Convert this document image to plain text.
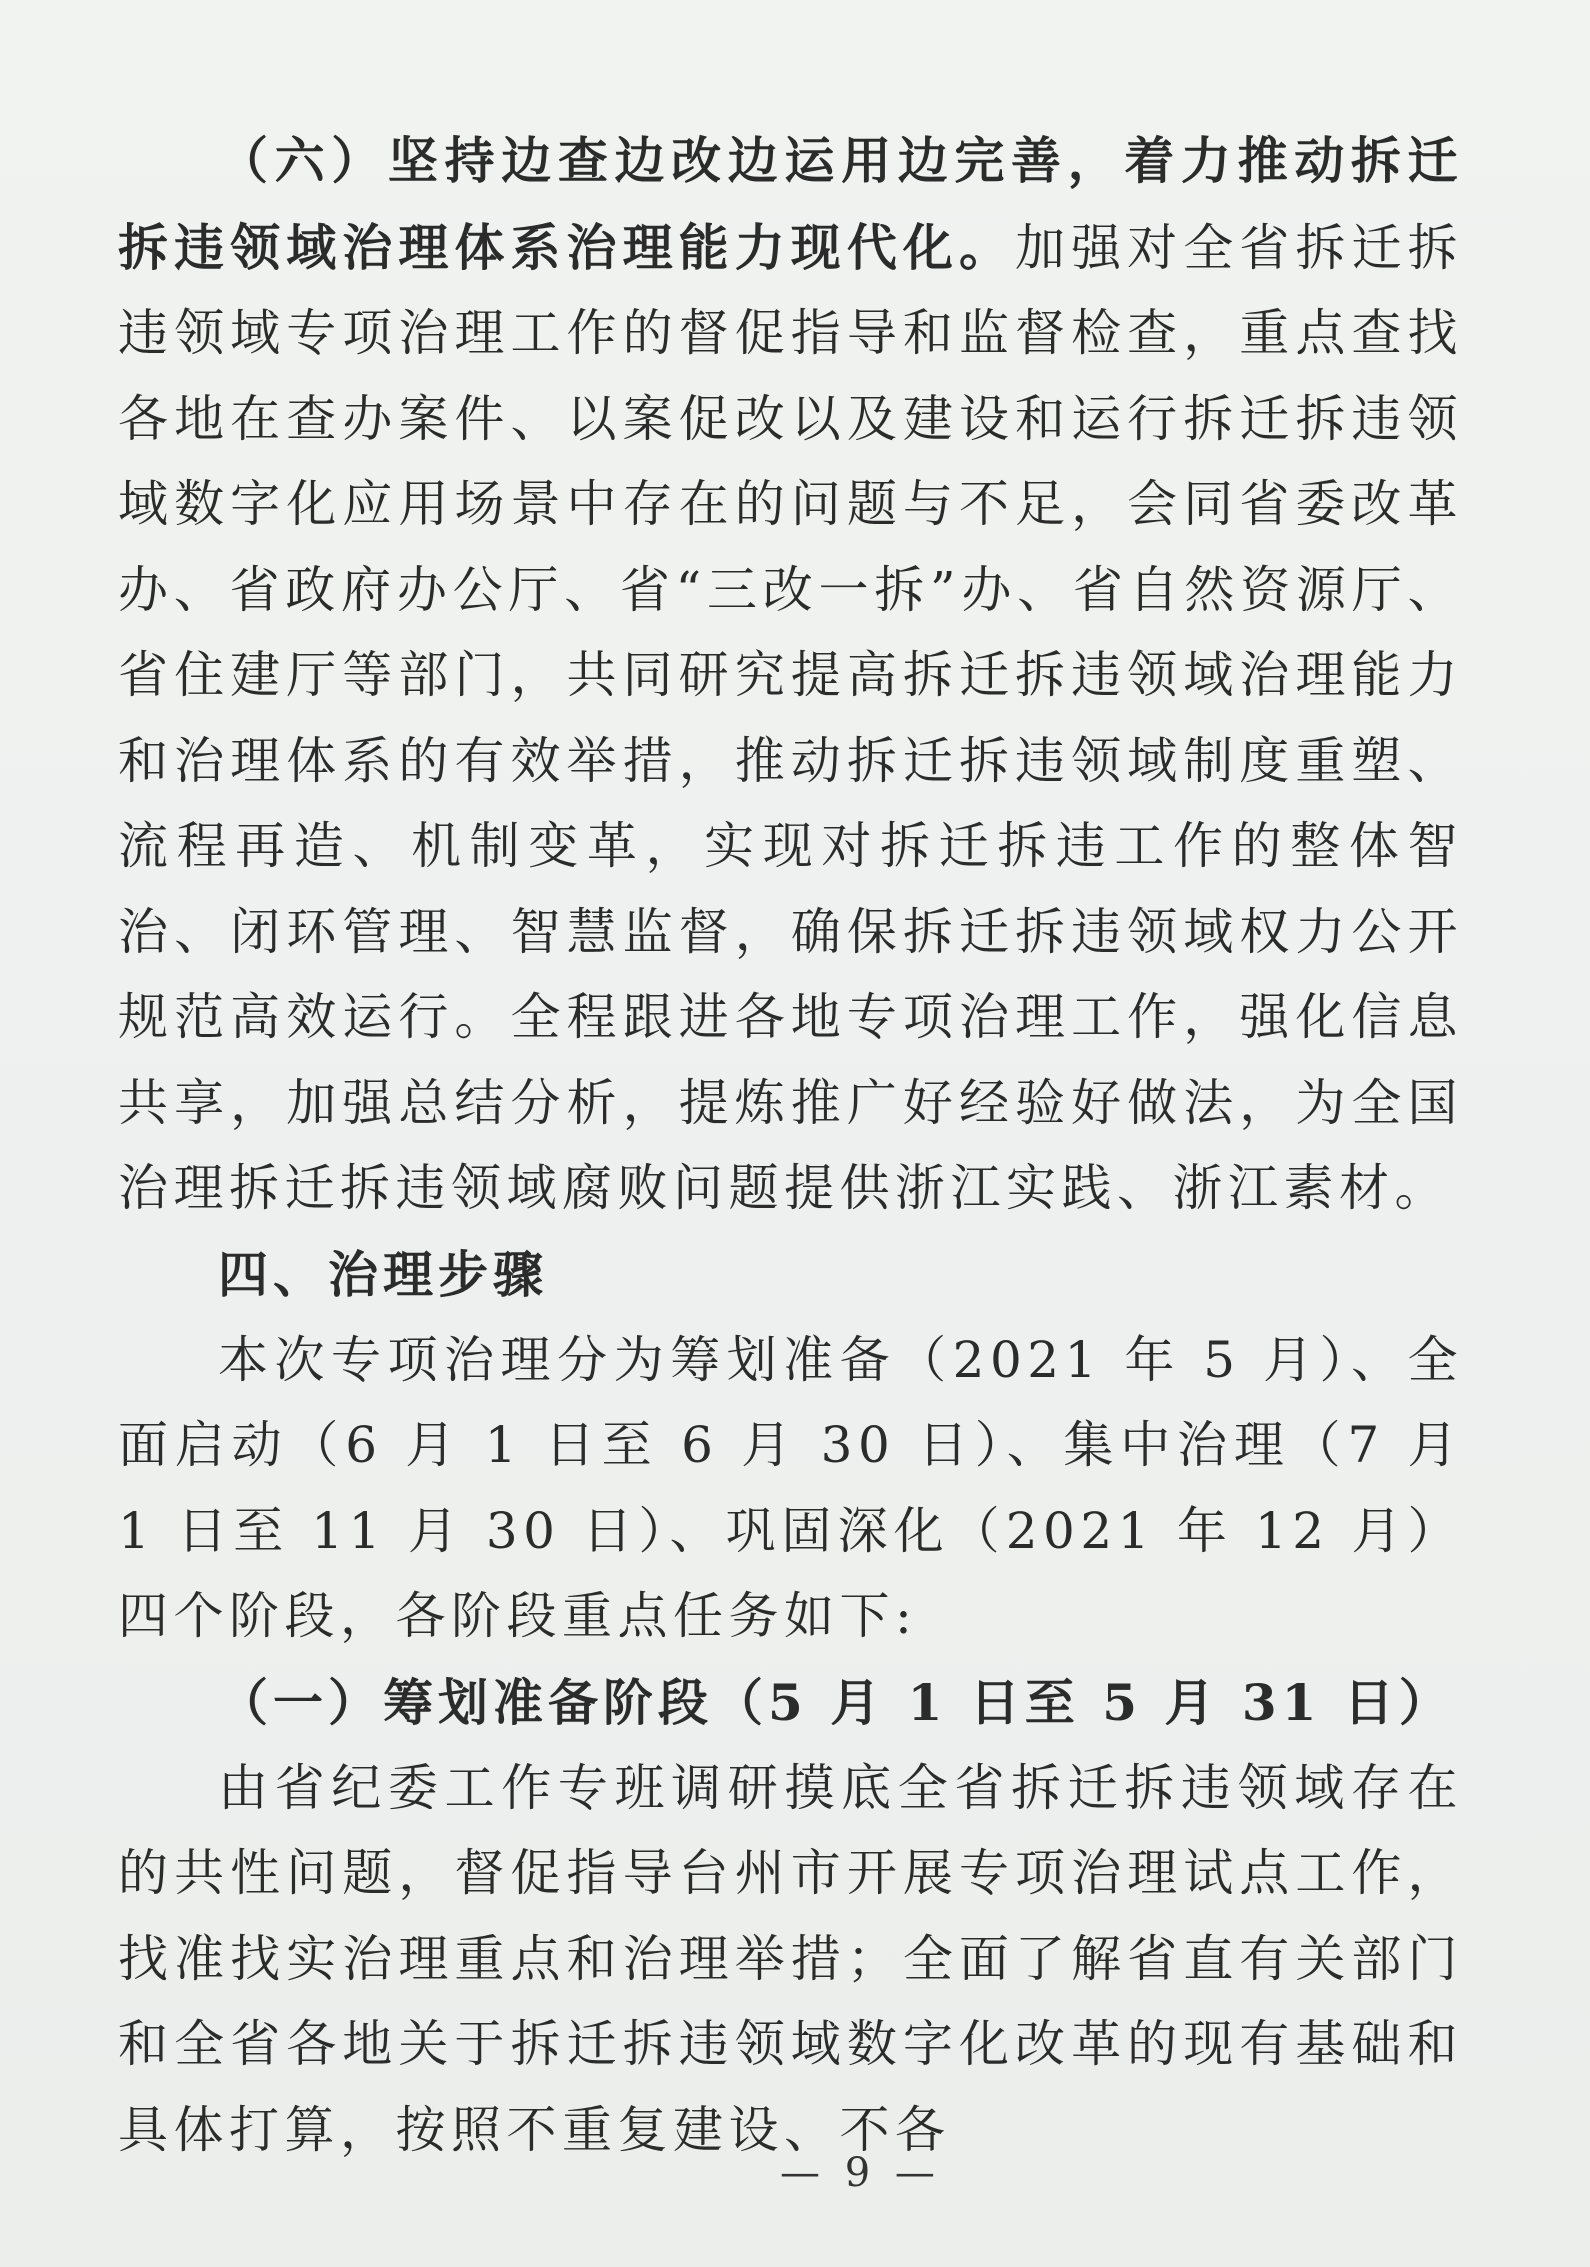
（六）坚持边查边改边运用边完善，着力推动拆迁拆违领域治理体系治理能力现代化。加强对全省拆迁拆违领域专项治理工作的督促指导和监督检查，重点查找各地在查办案件、以案促改以及建设和运行拆迁拆违领域数字化应用场景中存在的问题与不足，会同省委改革办、省政府办公厅、省“三改一拆”办、省自然资源厅、省住建厅等部门，共同研究提高拆迁拆违领域治理能力和治理体系的有效举措，推动拆迁拆违领域制度重塑、流程再造、机制变革，实现对拆迁拆违工作的整体智治、闭环管理、智慧监督，确保拆迁拆违领域权力公开规范高效运行。全程跟进各地专项治理工作，强化信息共享，加强总结分析，提炼推广好经验好做法，为全国治理拆迁拆违领域腐败问题提供浙江实践、浙江素材。

四、治理步骤

本次专项治理分为筹划准备（2021 年 5 月）、全面启动（6 月 1 日至 6 月 30 日）、集中治理（7 月 1 日至 11 月 30 日）、巩固深化（2021 年 12 月）四个阶段，各阶段重点任务如下:

（一）筹划准备阶段（5 月 1 日至 5 月 31 日）

由省纪委工作专班调研摸底全省拆迁拆违领域存在的共性问题，督促指导台州市开展专项治理试点工作，找准找实治理重点和治理举措；全面了解省直有关部门和全省各地关于拆迁拆违领域数字化改革的现有基础和具体打算，按照不重复建设、不各

— 9 —
